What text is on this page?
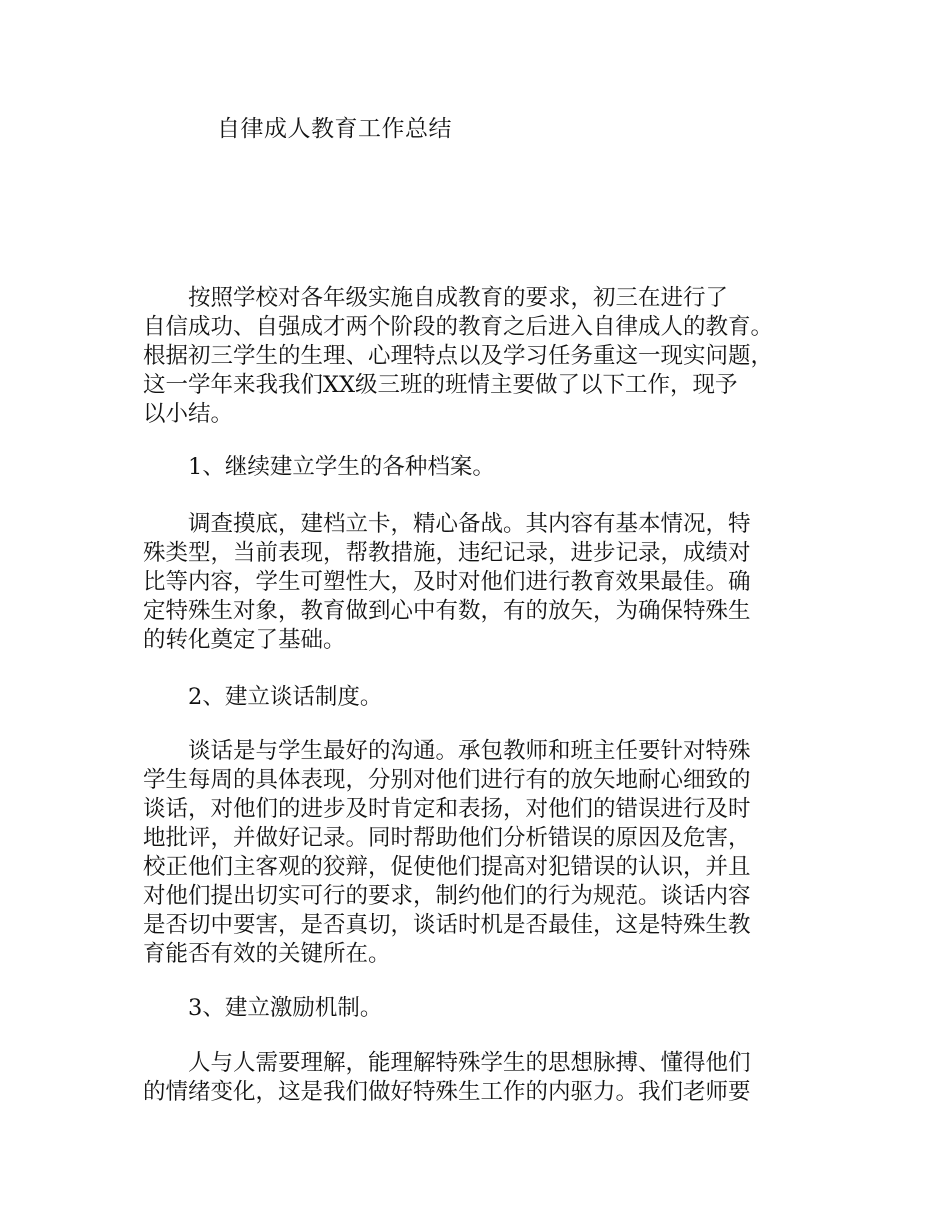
自律成人教育工作总结
　　按照学校对各年级实施自成教育的要求，初三在进行了
自信成功、自强成才两个阶段的教育之后进入自律成人的教育。
根据初三学生的生理、心理特点以及学习任务重这一现实问题，
这一学年来我我们XX级三班的班情主要做了以下工作，现予
以小结。
　　1、继续建立学生的各种档案。
　　调查摸底，建档立卡，精心备战。其内容有基本情况，特
殊类型，当前表现，帮教措施，违纪记录，进步记录，成绩对
比等内容，学生可塑性大，及时对他们进行教育效果最佳。确
定特殊生对象，教育做到心中有数，有的放矢，为确保特殊生
的转化奠定了基础。
　　2、建立谈话制度。
　　谈话是与学生最好的沟通。承包教师和班主任要针对特殊
学生每周的具体表现，分别对他们进行有的放矢地耐心细致的
谈话，对他们的进步及时肯定和表扬，对他们的错误进行及时
地批评，并做好记录。同时帮助他们分析错误的原因及危害，
校正他们主客观的狡辩，促使他们提高对犯错误的认识，并且
对他们提出切实可行的要求，制约他们的行为规范。谈话内容
是否切中要害，是否真切，谈话时机是否最佳，这是特殊生教
育能否有效的关键所在。
　　3、建立激励机制。
　　人与人需要理解，能理解特殊学生的思想脉搏、懂得他们
的情绪变化，这是我们做好特殊生工作的内驱力。我们老师要
